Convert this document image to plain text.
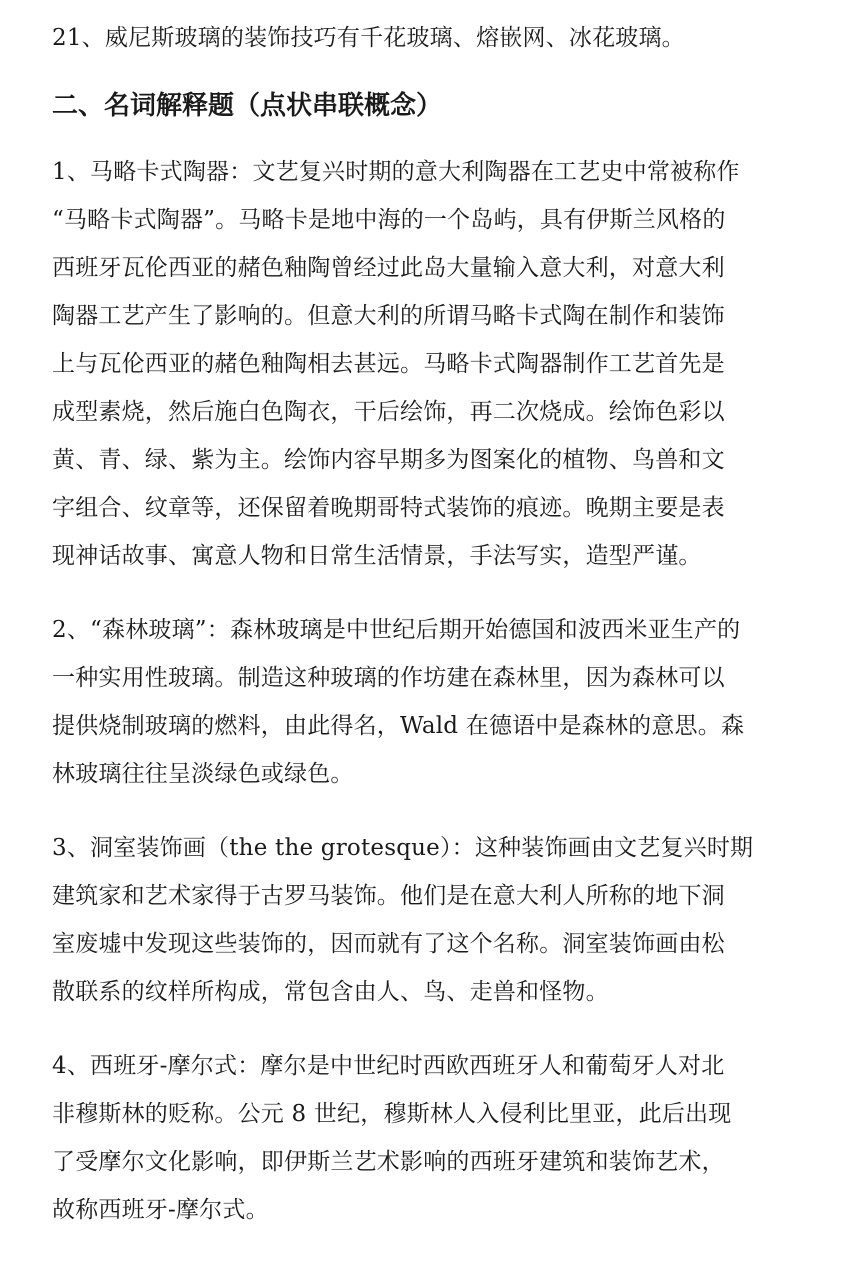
21、威尼斯玻璃的装饰技巧有千花玻璃、熔嵌网、冰花玻璃。
二、名词解释题（点状串联概念）
1、马略卡式陶器：文艺复兴时期的意大利陶器在工艺史中常被称作
“马略卡式陶器”。马略卡是地中海的一个岛屿，具有伊斯兰风格的
西班牙瓦伦西亚的赭色釉陶曾经过此岛大量输入意大利，对意大利
陶器工艺产生了影响的。但意大利的所谓马略卡式陶在制作和装饰
上与瓦伦西亚的赭色釉陶相去甚远。马略卡式陶器制作工艺首先是
成型素烧，然后施白色陶衣，干后绘饰，再二次烧成。绘饰色彩以
黄、青、绿、紫为主。绘饰内容早期多为图案化的植物、鸟兽和文
字组合、纹章等，还保留着晚期哥特式装饰的痕迹。晚期主要是表
现神话故事、寓意人物和日常生活情景，手法写实，造型严谨。
2、“森林玻璃”：森林玻璃是中世纪后期开始德国和波西米亚生产的
一种实用性玻璃。制造这种玻璃的作坊建在森林里，因为森林可以
提供烧制玻璃的燃料，由此得名，Wald 在德语中是森林的意思。森
林玻璃往往呈淡绿色或绿色。
3、洞室装饰画（the the grotesque）：这种装饰画由文艺复兴时期
建筑家和艺术家得于古罗马装饰。他们是在意大利人所称的地下洞
室废墟中发现这些装饰的，因而就有了这个名称。洞室装饰画由松
散联系的纹样所构成，常包含由人、鸟、走兽和怪物。
4、西班牙-摩尔式：摩尔是中世纪时西欧西班牙人和葡萄牙人对北
非穆斯林的贬称。公元 8 世纪，穆斯林人入侵利比里亚，此后出现
了受摩尔文化影响，即伊斯兰艺术影响的西班牙建筑和装饰艺术，
故称西班牙-摩尔式。
